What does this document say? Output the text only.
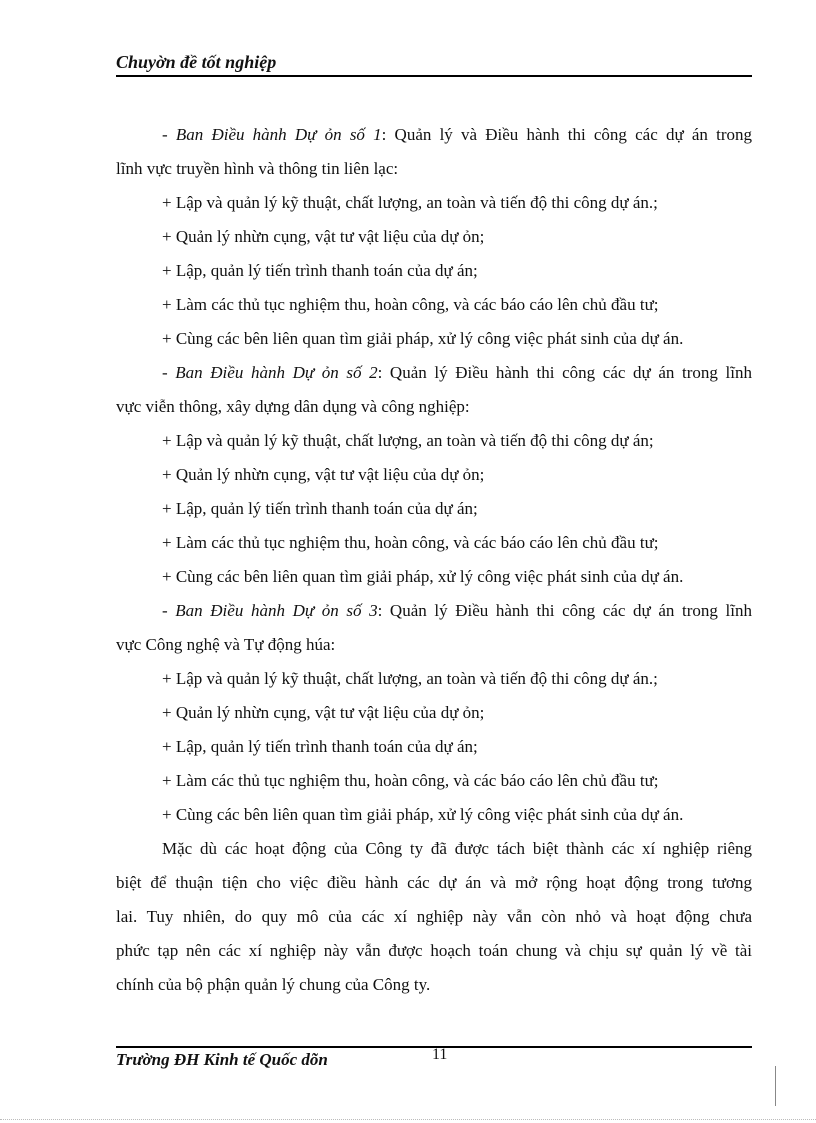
Chuyờn đề tốt nghiệp
- Ban Điều hành Dự ỏn số 1: Quản lý và Điều hành thi công các dự án trong
lĩnh vực truyền hình và thông tin liên lạc:
+ Lập và quản lý kỹ thuật, chất lượng, an toàn và tiến độ thi công dự án.;
+ Quản lý nhừn cụng, vật tư vật liệu của dự ỏn;
+ Lập, quản lý tiến trình thanh toán của dự án;
+ Làm các thủ tục nghiệm thu, hoàn công, và các báo cáo lên chủ đầu tư;
+ Cùng các bên liên quan tìm giải pháp, xử lý công việc phát sinh của dự án.
- Ban Điều hành Dự ỏn số 2: Quản lý Điều hành thi công các dự án trong lĩnh
vực viễn thông, xây dựng dân dụng và công nghiệp:
+ Lập và quản lý kỹ thuật, chất lượng, an toàn và tiến độ thi công dự án;
+ Quản lý nhừn cụng, vật tư vật liệu của dự ỏn;
+ Lập, quản lý tiến trình thanh toán của dự án;
+ Làm các thủ tục nghiệm thu, hoàn công, và các báo cáo lên chủ đầu tư;
+ Cùng các bên liên quan tìm giải pháp, xử lý công việc phát sinh của dự án.
- Ban Điều hành Dự ỏn số 3: Quản lý Điều hành thi công các dự án trong lĩnh
vực Công nghệ và Tự động húa:
+ Lập và quản lý kỹ thuật, chất lượng, an toàn và tiến độ thi công dự án.;
+ Quản lý nhừn cụng, vật tư vật liệu của dự ỏn;
+ Lập, quản lý tiến trình thanh toán của dự án;
+ Làm các thủ tục nghiệm thu, hoàn công, và các báo cáo lên chủ đầu tư;
+ Cùng các bên liên quan tìm giải pháp, xử lý công việc phát sinh của dự án.
Mặc dù các hoạt động của Công ty đã được tách biệt thành các xí nghiệp riêng
biệt để thuận tiện cho việc điều hành các dự án và mở rộng hoạt động trong tương
lai. Tuy nhiên, do quy mô của các xí nghiệp này vẫn còn nhỏ và hoạt động chưa
phức tạp nên các xí nghiệp này vẫn được hoạch toán chung và chịu sự quản lý về tài
chính của bộ phận quản lý chung của Công ty.
Trường ĐH Kinh tế Quốc dõn	11
